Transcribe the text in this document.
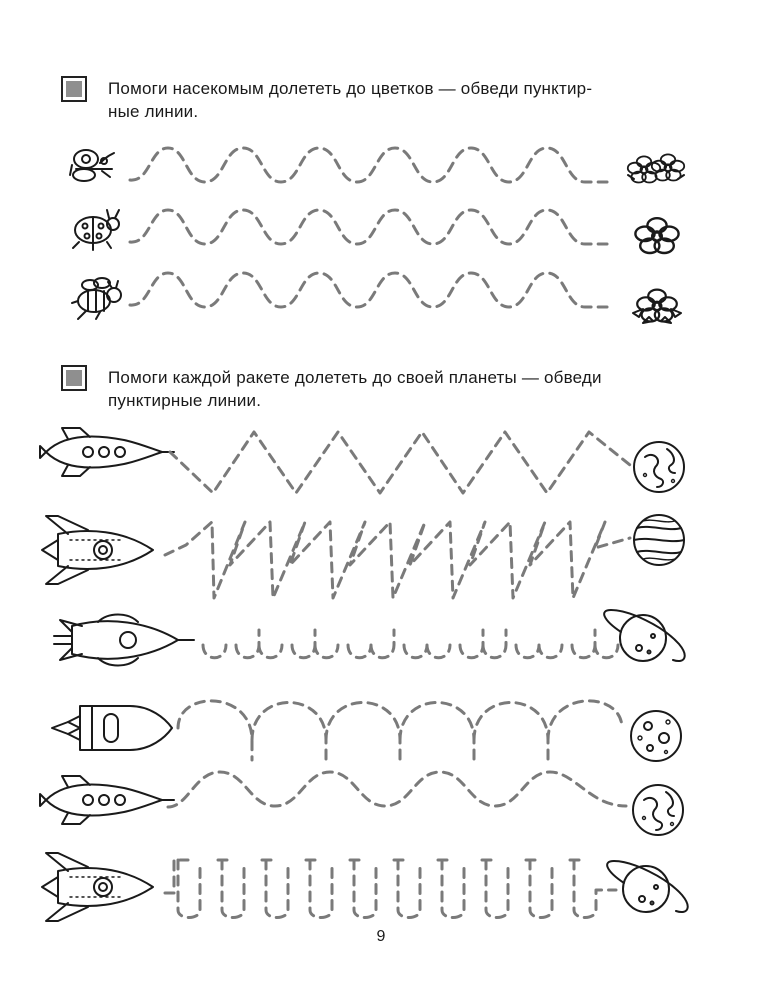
Помоги насекомым долететь до цветков — обведи пунктир-
ные линии.
Помоги каждой ракете долететь до своей планеты — обведи
пунктирные линии.
9
